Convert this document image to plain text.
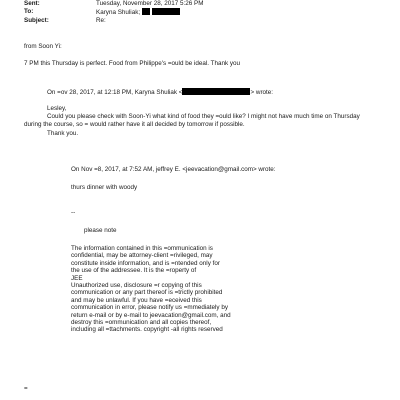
Sent:	Tuesday, November 28, 2017 5:26 PM
To:	Karyna Shuliak;
Subject:	Re:
from Soon Yi:
7 PM this Thursday is perfect. Food from Philippe's =ould be ideal. Thank you
On =ov 28, 2017, at 12:18 PM, Karyna Shuliak <	> wrote:
Lesley,
Could you please check with Soon-Yi what kind of food they =ould like? I might not have much time on Thursday
during the course, so = would rather have it all decided by tomorrow if possible.
Thank you.
On Nov =8, 2017, at 7:52 AM, jeffrey E. <jeevacation@gmail.com> wrote:
thurs dinner with woody
--
please note
The information contained in this =ommunication is
confidential, may be attorney-client =rivileged, may
constitute inside information, and is =ntended only for
the use of the addressee. It is the =roperty of
JEE
Unauthorized use, disclosure =r copying of this
communication or any part thereof is =trictly prohibited
and may be unlawful. If you have =eceived this
communication in error, please notify us =mmediately by
return e-mail or by e-mail to jeevacation@gmail.com, and
destroy this =ommunication and all copies thereof,
including all =ttachments. copyright -all rights reserved
=
